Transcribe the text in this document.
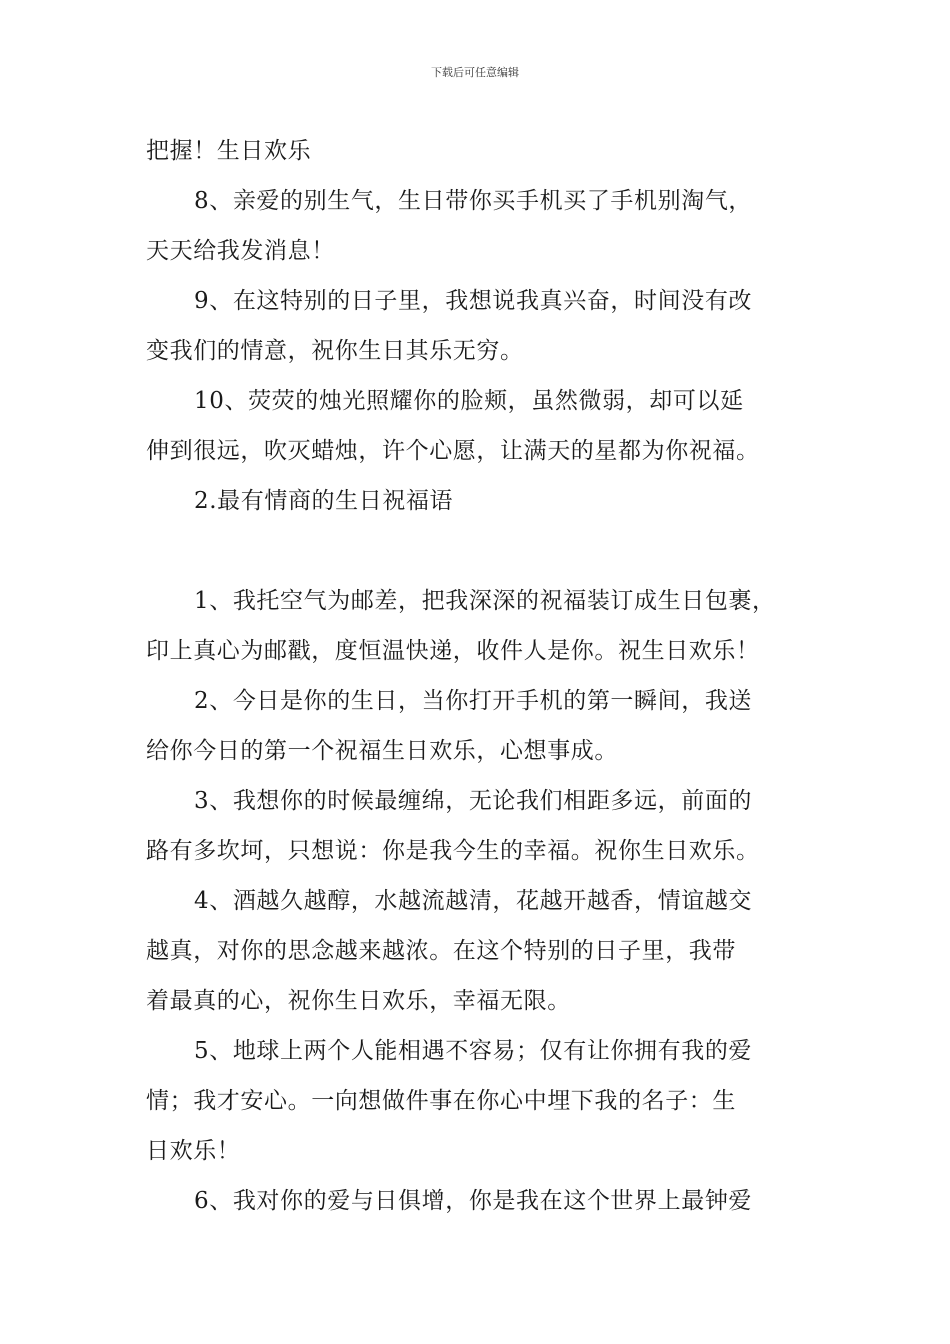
下载后可任意编辑
把握！生日欢乐
8、亲爱的别生气，生日带你买手机买了手机别淘气，
天天给我发消息！
9、在这特别的日子里，我想说我真兴奋，时间没有改
变我们的情意，祝你生日其乐无穷。
10、荧荧的烛光照耀你的脸颊，虽然微弱，却可以延
伸到很远，吹灭蜡烛，许个心愿，让满天的星都为你祝福。
2.最有情商的生日祝福语
1、我托空气为邮差，把我深深的祝福装订成生日包裹，
印上真心为邮戳，度恒温快递，收件人是你。祝生日欢乐！
2、今日是你的生日，当你打开手机的第一瞬间，我送
给你今日的第一个祝福生日欢乐，心想事成。
3、我想你的时候最缠绵，无论我们相距多远，前面的
路有多坎坷，只想说：你是我今生的幸福。祝你生日欢乐。
4、酒越久越醇，水越流越清，花越开越香，情谊越交
越真，对你的思念越来越浓。在这个特别的日子里，我带
着最真的心，祝你生日欢乐，幸福无限。
5、地球上两个人能相遇不容易；仅有让你拥有我的爱
情；我才安心。一向想做件事在你心中埋下我的名子：生
日欢乐！
6、我对你的爱与日俱增，你是我在这个世界上最钟爱
